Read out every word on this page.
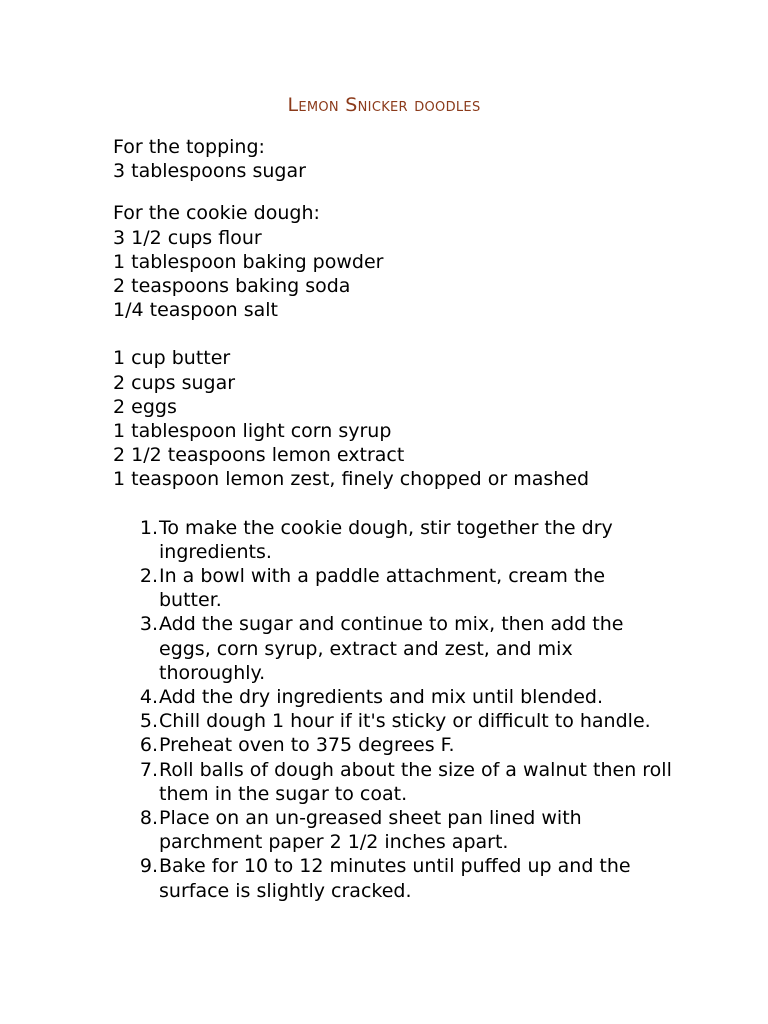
Lemon Snicker doodles
For the topping:
3 tablespoons sugar
For the cookie dough:
3 1/2 cups flour
1 tablespoon baking powder
2 teaspoons baking soda
1/4 teaspoon salt
1 cup butter
2 cups sugar
2 eggs
1 tablespoon light corn syrup
2 1/2 teaspoons lemon extract
1 teaspoon lemon zest, finely chopped or mashed
1. To make the cookie dough, stir together the dry ingredients.
2. In a bowl with a paddle attachment, cream the butter.
3. Add the sugar and continue to mix, then add the eggs, corn syrup, extract and zest, and mix thoroughly.
4. Add the dry ingredients and mix until blended.
5. Chill dough 1 hour if it's sticky or difficult to handle.
6. Preheat oven to 375 degrees F.
7. Roll balls of dough about the size of a walnut then roll them in the sugar to coat.
8. Place on an un-greased sheet pan lined with parchment paper 2 1/2 inches apart.
9. Bake for 10 to 12 minutes until puffed up and the surface is slightly cracked.
